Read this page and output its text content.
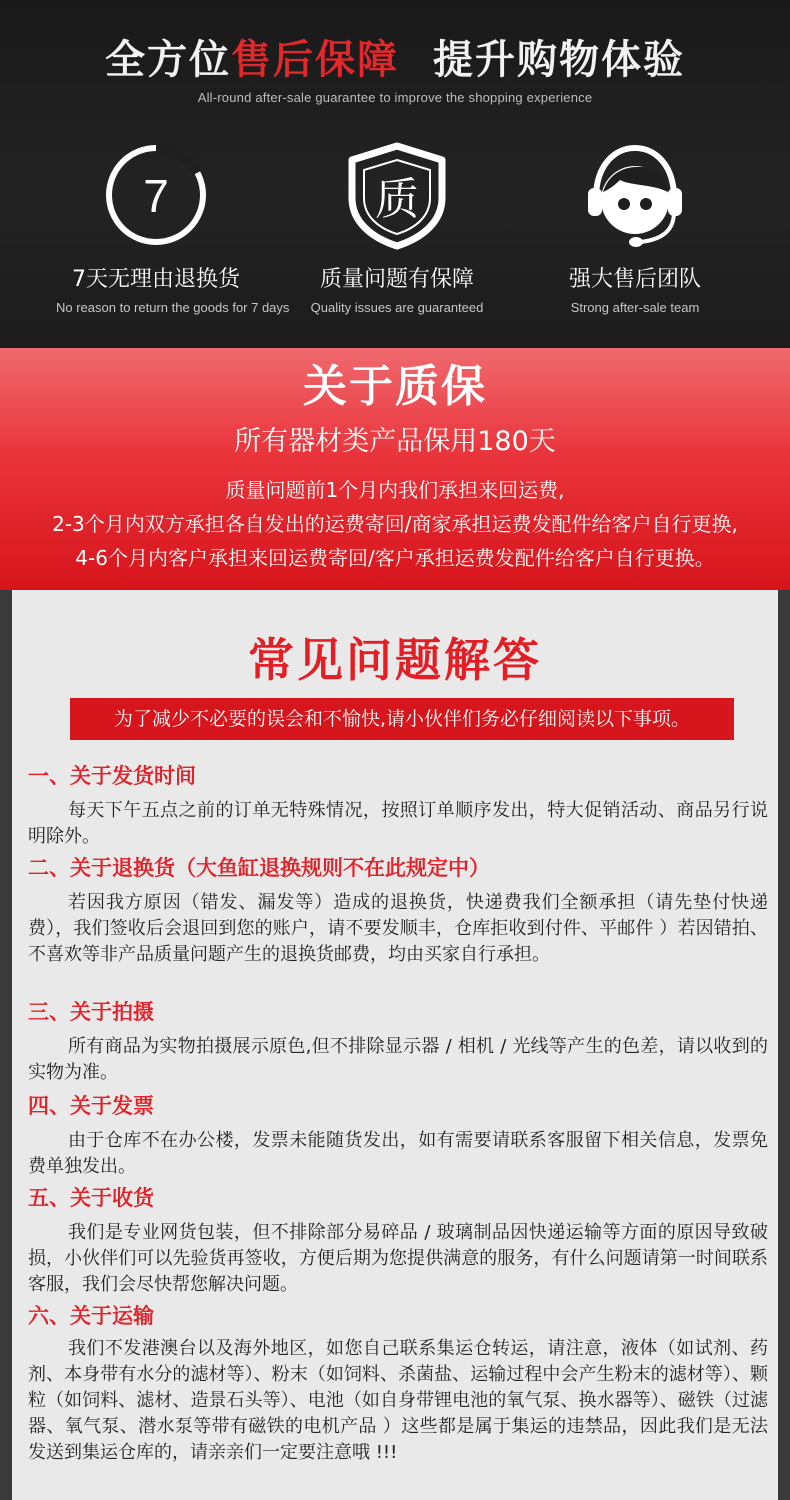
全方位售后保障 提升购物体验
All-round after-sale guarantee to improve the shopping experience
7
7天无理由退换货
No reason to return the goods for 7 days
质
质量问题有保障
Quality issues are guaranteed
强大售后团队
Strong after-sale team
关于质保
所有器材类产品保用180天
质量问题前1个月内我们承担来回运费,
2-3个月内双方承担各自发出的运费寄回/商家承担运费发配件给客户自行更换,
4-6个月内客户承担来回运费寄回/客户承担运费发配件给客户自行更换。
常见问题解答
为了减少不必要的误会和不愉快,请小伙伴们务必仔细阅读以下事项。
一、关于发货时间

每天下午五点之前的订单无特殊情况，按照订单顺序发出，特大促销活动、商品另行说明除外。

二、关于退换货（大鱼缸退换规则不在此规定中）

若因我方原因（错发、漏发等）造成的退换货，快递费我们全额承担（请先垫付快递费），我们签收后会退回到您的账户，请不要发顺丰，仓库拒收到付件、平邮件 ）若因错拍、不喜欢等非产品质量问题产生的退换货邮费，均由买家自行承担。

三、关于拍摄

所有商品为实物拍摄展示原色,但不排除显示器 / 相机 / 光线等产生的色差，请以收到的实物为准。

四、关于发票

由于仓库不在办公楼，发票未能随货发出，如有需要请联系客服留下相关信息，发票免费单独发出。

五、关于收货

我们是专业网货包装，但不排除部分易碎品 / 玻璃制品因快递运输等方面的原因导致破损，小伙伴们可以先验货再签收，方便后期为您提供满意的服务，有什么问题请第一时间联系客服，我们会尽快帮您解决问题。

六、关于运输

我们不发港澳台以及海外地区，如您自己联系集运仓转运，请注意，液体（如试剂、药剂、本身带有水分的滤材等）、粉末（如饲料、杀菌盐、运输过程中会产生粉末的滤材等）、颗粒（如饲料、滤材、造景石头等）、电池（如自身带锂电池的氧气泵、换水器等）、磁铁（过滤器、氧气泵、潜水泵等带有磁铁的电机产品 ）这些都是属于集运的违禁品，因此我们是无法发送到集运仓库的，请亲亲们一定要注意哦 !!!
